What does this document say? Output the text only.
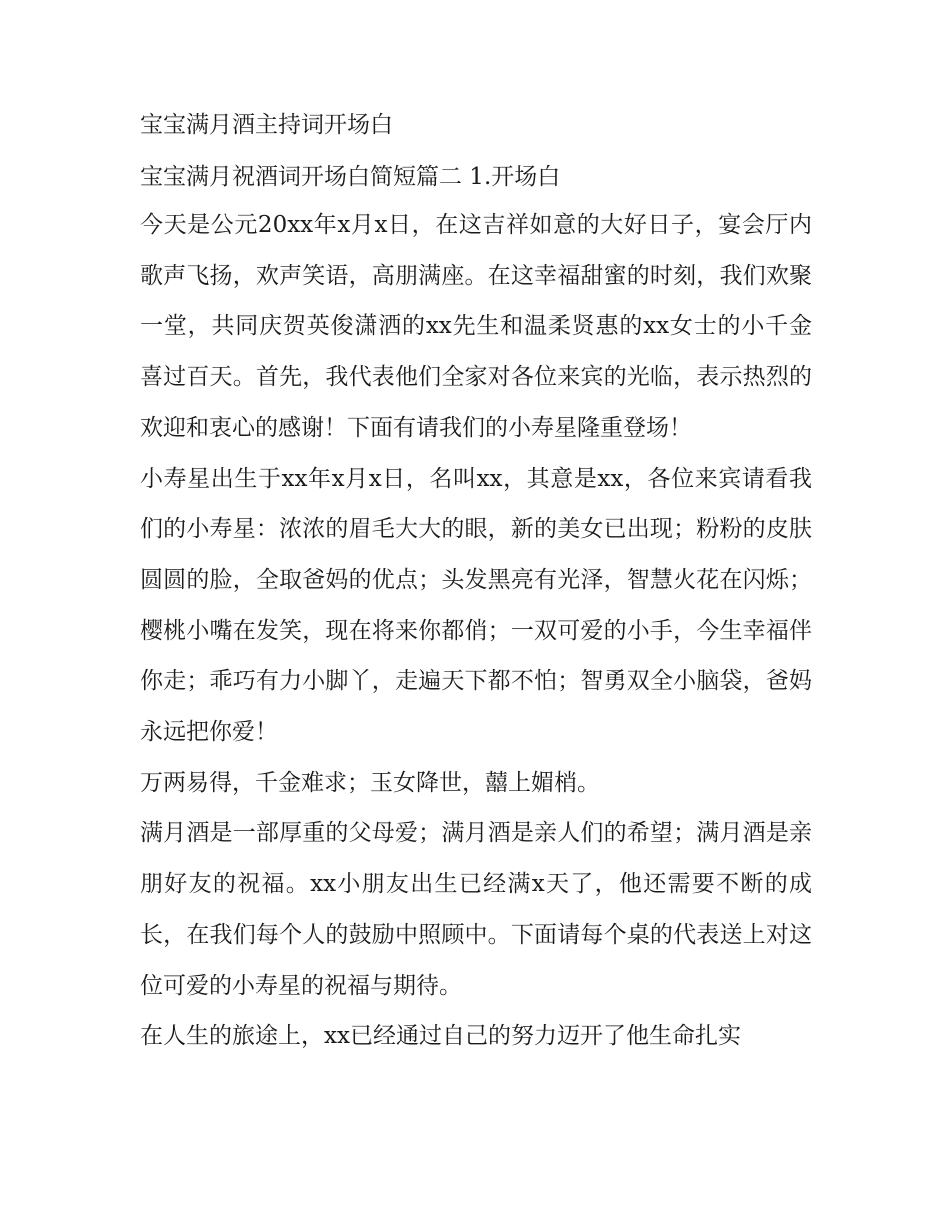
宝宝满月酒主持词开场白

宝宝满月祝酒词开场白简短篇二 1.开场白

今天是公元20xx年x月x日，在这吉祥如意的大好日子，宴会厅内歌声飞扬，欢声笑语，高朋满座。在这幸福甜蜜的时刻，我们欢聚一堂，共同庆贺英俊潇洒的xx先生和温柔贤惠的xx女士的小千金喜过百天。首先，我代表他们全家对各位来宾的光临，表示热烈的欢迎和衷心的感谢！下面有请我们的小寿星隆重登场！

小寿星出生于xx年x月x日，名叫xx，其意是xx，各位来宾请看我们的小寿星：浓浓的眉毛大大的眼，新的美女已出现；粉粉的皮肤圆圆的脸，全取爸妈的优点；头发黑亮有光泽，智慧火花在闪烁；樱桃小嘴在发笑，现在将来你都俏；一双可爱的小手，今生幸福伴你走；乖巧有力小脚丫，走遍天下都不怕；智勇双全小脑袋，爸妈永远把你爱！

万两易得，千金难求；玉女降世，囍上媚梢。

满月酒是一部厚重的父母爱；满月酒是亲人们的希望；满月酒是亲朋好友的祝福。xx小朋友出生已经满x天了，他还需要不断的成长，在我们每个人的鼓励中照顾中。下面请每个桌的代表送上对这位可爱的小寿星的祝福与期待。

在人生的旅途上，xx已经通过自己的努力迈开了他生命扎实
